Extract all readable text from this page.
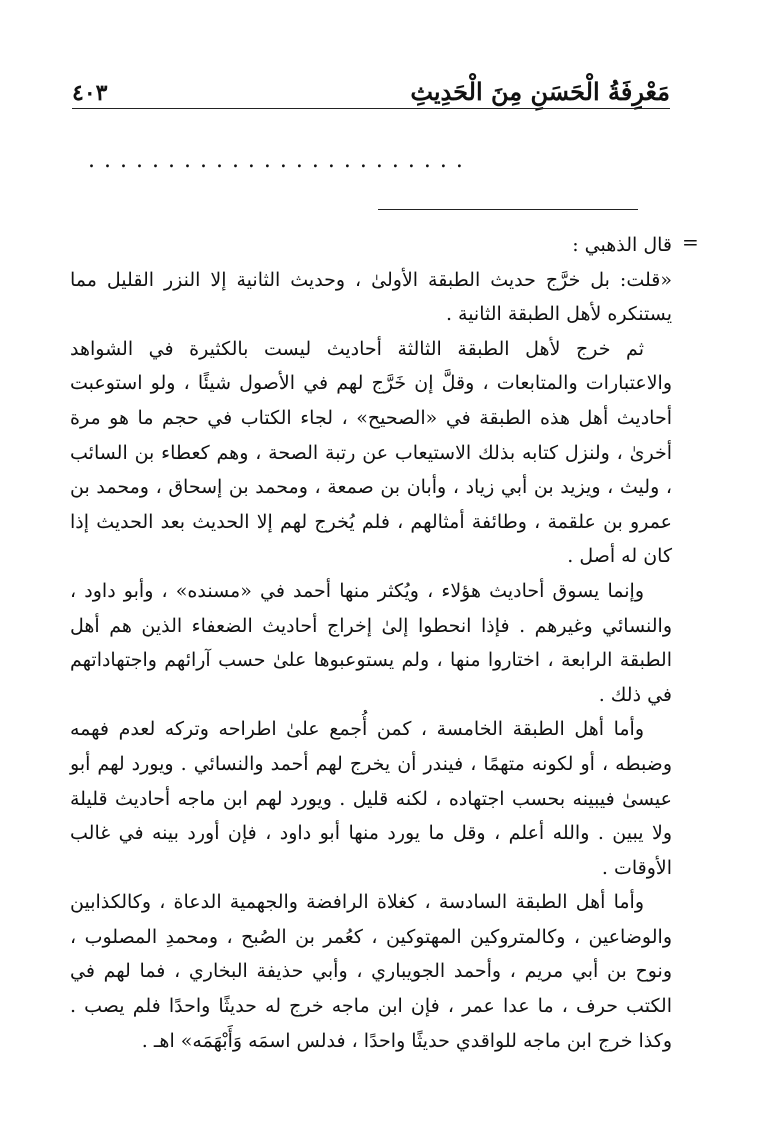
مَعْرِفَةُ الْحَسَنِ مِنَ الْحَدِيثِ
٤٠٣
........................
=

قال الذهبي :

«قلت: بل خرَّج حديث الطبقة الأولىٰ ، وحديث الثانية إلا النزر القليل مما يستنكره لأهل الطبقة الثانية .

ثم خرج لأهل الطبقة الثالثة أحاديث ليست بالكثيرة في الشواهد والاعتبارات والمتابعات ، وقلَّ إن خَرَّج لهم في الأصول شيئًا ، ولو استوعبت أحاديث أهل هذه الطبقة في «الصحيح» ، لجاء الكتاب في حجم ما هو مرة أخرىٰ ، ولنزل كتابه بذلك الاستيعاب عن رتبة الصحة ، وهم كعطاء بن السائب ، وليث ، ويزيد بن أبي زياد ، وأبان بن صمعة ، ومحمد بن إسحاق ، ومحمد بن عمرو بن علقمة ، وطائفة أمثالهم ، فلم يُخرج لهم إلا الحديث بعد الحديث إذا كان له أصل .

وإنما يسوق أحاديث هؤلاء ، ويُكثر منها أحمد في «مسنده» ، وأبو داود ، والنسائي وغيرهم . فإذا انحطوا إلىٰ إخراج أحاديث الضعفاء الذين هم أهل الطبقة الرابعة ، اختاروا منها ، ولم يستوعبوها علىٰ حسب آرائهم واجتهاداتهم في ذلك .

وأما أهل الطبقة الخامسة ، كمن أُجمع علىٰ اطراحه وتركه لعدم فهمه وضبطه ، أو لكونه متهمًا ، فيندر أن يخرج لهم أحمد والنسائي . ويورد لهم أبو عيسىٰ فيبينه بحسب اجتهاده ، لكنه قليل . ويورد لهم ابن ماجه أحاديث قليلة ولا يبين . والله أعلم ، وقل ما يورد منها أبو داود ، فإن أورد بينه في غالب الأوقات .

وأما أهل الطبقة السادسة ، كغلاة الرافضة والجهمية الدعاة ، وكالكذابين والوضاعين ، وكالمتروكين المهتوكين ، كعُمر بن الصُبح ، ومحمدِ المصلوب ، ونوح بن أبي مريم ، وأحمد الجويباري ، وأبي حذيفة البخاري ، فما لهم في الكتب حرف ، ما عدا عمر ، فإن ابن ماجه خرج له حديثًا واحدًا فلم يصب . وكذا خرج ابن ماجه للواقدي حديثًا واحدًا ، فدلس اسمَه وَأَبْهَمَه» اهـ .
